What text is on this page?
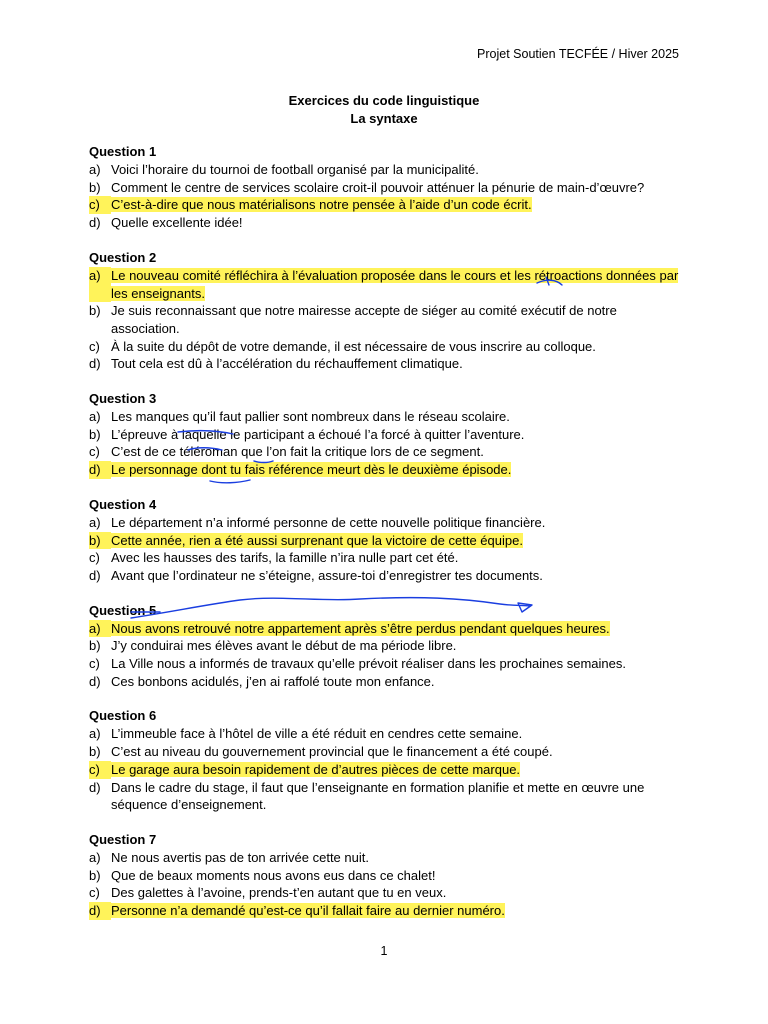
Projet Soutien TECFÉE / Hiver 2025
Exercices du code linguistique
La syntaxe
Question 1
a) Voici l’horaire du tournoi de football organisé par la municipalité.
b) Comment le centre de services scolaire croit-il pouvoir atténuer la pénurie de main-d’œuvre?
c) C’est-à-dire que nous matérialisons notre pensée à l’aide d’un code écrit.
d) Quelle excellente idée!
Question 2
a) Le nouveau comité réfléchira à l’évaluation proposée dans le cours et les rétroactions données par les enseignants.
b) Je suis reconnaissant que notre mairesse accepte de siéger au comité exécutif de notre association.
c) À la suite du dépôt de votre demande, il est nécessaire de vous inscrire au colloque.
d) Tout cela est dû à l’accélération du réchauffement climatique.
Question 3
a) Les manques qu’il faut pallier sont nombreux dans le réseau scolaire.
b) L’épreuve à laquelle le participant a échoué l’a forcé à quitter l’aventure.
c) C’est de ce téléroman que l’on fait la critique lors de ce segment.
d) Le personnage dont tu fais référence meurt dès le deuxième épisode.
Question 4
a) Le département n’a informé personne de cette nouvelle politique financière.
b) Cette année, rien a été aussi surprenant que la victoire de cette équipe.
c) Avec les hausses des tarifs, la famille n’ira nulle part cet été.
d) Avant que l’ordinateur ne s’éteigne, assure-toi d’enregistrer tes documents.
Question 5
a) Nous avons retrouvé notre appartement après s’être perdus pendant quelques heures.
b) J’y conduirai mes élèves avant le début de ma période libre.
c) La Ville nous a informés de travaux qu’elle prévoit réaliser dans les prochaines semaines.
d) Ces bonbons acidulés, j’en ai raffolé toute mon enfance.
Question 6
a) L’immeuble face à l’hôtel de ville a été réduit en cendres cette semaine.
b) C’est au niveau du gouvernement provincial que le financement a été coupé.
c) Le garage aura besoin rapidement de d’autres pièces de cette marque.
d) Dans le cadre du stage, il faut que l’enseignante en formation planifie et mette en œuvre une séquence d’enseignement.
Question 7
a) Ne nous avertis pas de ton arrivée cette nuit.
b) Que de beaux moments nous avons eus dans ce chalet!
c) Des galettes à l’avoine, prends-t’en autant que tu en veux.
d) Personne n’a demandé qu’est-ce qu’il fallait faire au dernier numéro.
1
